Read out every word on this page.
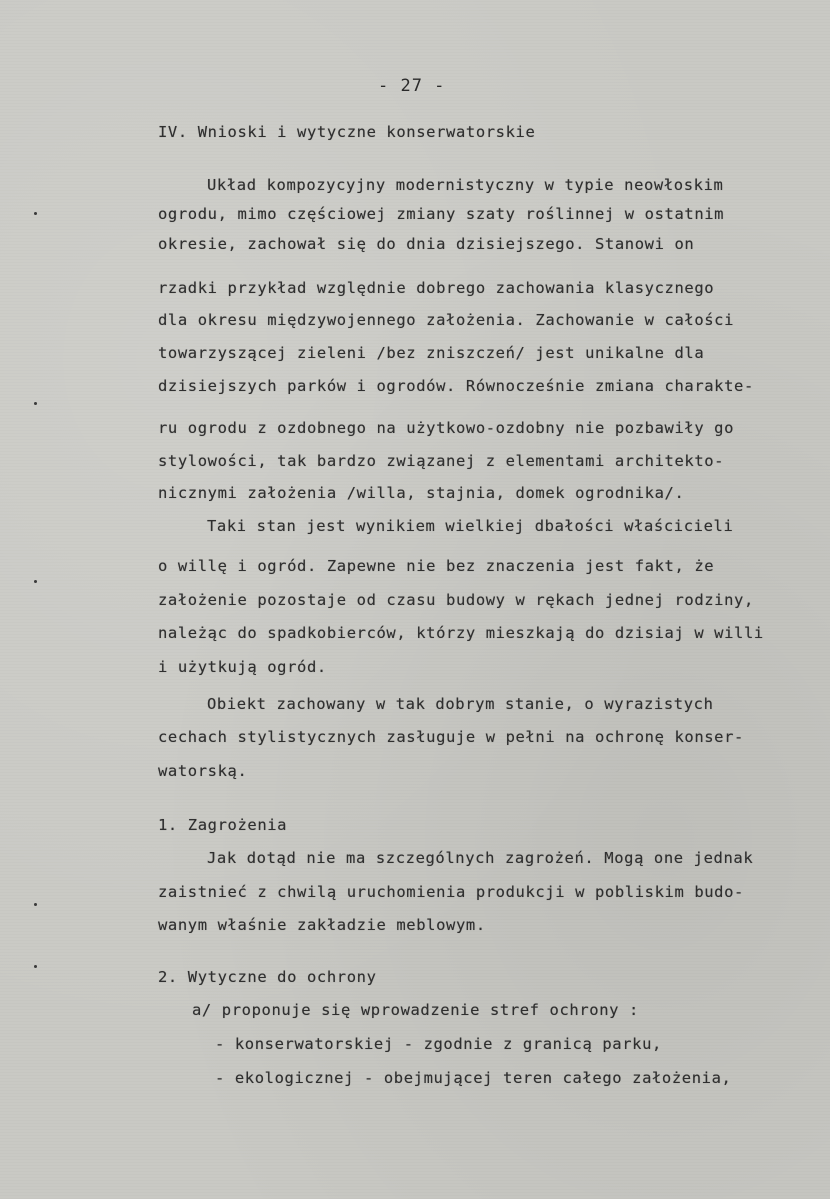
- 27 -
IV. Wnioski i wytyczne konserwatorskie
Układ kompozycyjny modernistyczny w typie neowłoskim
ogrodu, mimo częściowej zmiany szaty roślinnej w ostatnim
okresie, zachował się do dnia dzisiejszego. Stanowi on
rzadki przykład względnie dobrego zachowania klasycznego
dla okresu międzywojennego założenia. Zachowanie w całości
towarzyszącej zieleni /bez zniszczeń/ jest unikalne dla
dzisiejszych parków i ogrodów. Równocześnie zmiana charakte-
ru ogrodu z ozdobnego na użytkowo-ozdobny nie pozbawiły go
stylowości, tak bardzo związanej z elementami architekto-
nicznymi założenia /willa, stajnia, domek ogrodnika/.
Taki stan jest wynikiem wielkiej dbałości właścicieli
o willę i ogród. Zapewne nie bez znaczenia jest fakt, że
założenie pozostaje od czasu budowy w rękach jednej rodziny,
należąc do spadkobierców, którzy mieszkają do dzisiaj w willi
i użytkują ogród.
Obiekt zachowany w tak dobrym stanie, o wyrazistych
cechach stylistycznych zasługuje w pełni na ochronę konser-
watorską.
1. Zagrożenia
Jak dotąd nie ma szczególnych zagrożeń. Mogą one jednak
zaistnieć z chwilą uruchomienia produkcji w pobliskim budo-
wanym właśnie zakładzie meblowym.
2. Wytyczne do ochrony
a/ proponuje się wprowadzenie stref ochrony :
- konserwatorskiej - zgodnie z granicą parku,
- ekologicznej - obejmującej teren całego założenia,
